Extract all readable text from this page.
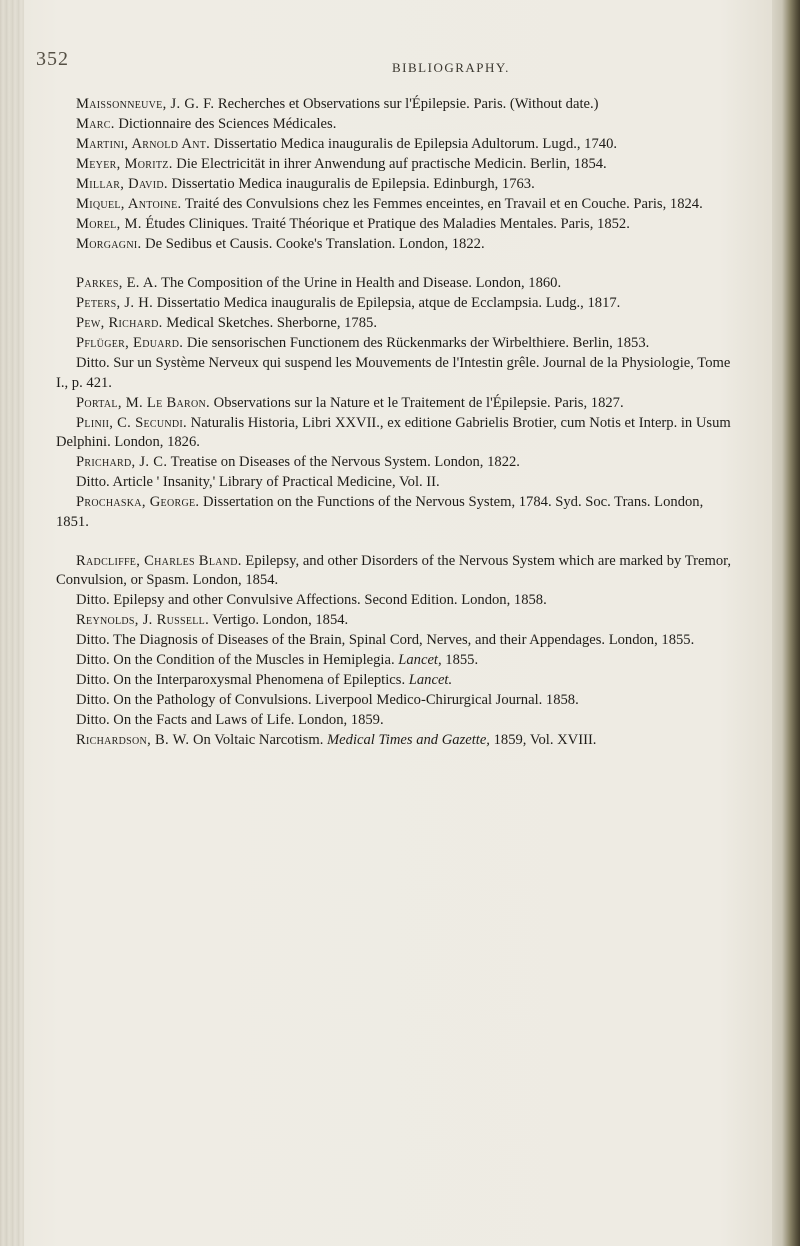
352	BIBLIOGRAPHY.

Maissonneuve, J. G. F. Recherches et Observations sur l'Épilepsie. Paris. (Without date.)

Marc. Dictionnaire des Sciences Médicales.

Martini, Arnold Ant. Dissertatio Medica inauguralis de Epilepsia Adultorum. Lugd., 1740.

Meyer, Moritz. Die Electricität in ihrer Anwendung auf practische Medicin. Berlin, 1854.

Millar, David. Dissertatio Medica inauguralis de Epilepsia. Edinburgh, 1763.

Miquel, Antoine. Traité des Convulsions chez les Femmes enceintes, en Travail et en Couche. Paris, 1824.

Morel, M. Études Cliniques. Traité Théorique et Pratique des Maladies Mentales. Paris, 1852.

Morgagni. De Sedibus et Causis. Cooke's Translation. London, 1822.

Parkes, E. A. The Composition of the Urine in Health and Disease. London, 1860.

Peters, J. H. Dissertatio Medica inauguralis de Epilepsia, atque de Ecclampsia. Ludg., 1817.

Pew, Richard. Medical Sketches. Sherborne, 1785.

Pflüger, Eduard. Die sensorischen Functionem des Rückenmarks der Wirbelthiere. Berlin, 1853.

Ditto. Sur un Système Nerveux qui suspend les Mouvements de l'Intestin grêle. Journal de la Physiologie, Tome I., p. 421.

Portal, M. Le Baron. Observations sur la Nature et le Traitement de l'Épilepsie. Paris, 1827.

Plinii, C. Secundi. Naturalis Historia, Libri XXVII., ex editione Gabrielis Brotier, cum Notis et Interp. in Usum Delphini. London, 1826.

Prichard, J. C. Treatise on Diseases of the Nervous System. London, 1822.

Ditto. Article ' Insanity,' Library of Practical Medicine, Vol. II.

Prochaska, George. Dissertation on the Functions of the Nervous System, 1784. Syd. Soc. Trans. London, 1851.

Radcliffe, Charles Bland. Epilepsy, and other Disorders of the Nervous System which are marked by Tremor, Convulsion, or Spasm. London, 1854.

Ditto. Epilepsy and other Convulsive Affections. Second Edition. London, 1858.

Reynolds, J. Russell. Vertigo. London, 1854.

Ditto. The Diagnosis of Diseases of the Brain, Spinal Cord, Nerves, and their Appendages. London, 1855.

Ditto. On the Condition of the Muscles in Hemiplegia. Lancet, 1855.

Ditto. On the Interparoxysmal Phenomena of Epileptics. Lancet.

Ditto. On the Pathology of Convulsions. Liverpool Medico-Chirurgical Journal. 1858.

Ditto. On the Facts and Laws of Life. London, 1859.

Richardson, B. W. On Voltaic Narcotism. Medical Times and Gazette, 1859, Vol. XVIII.
